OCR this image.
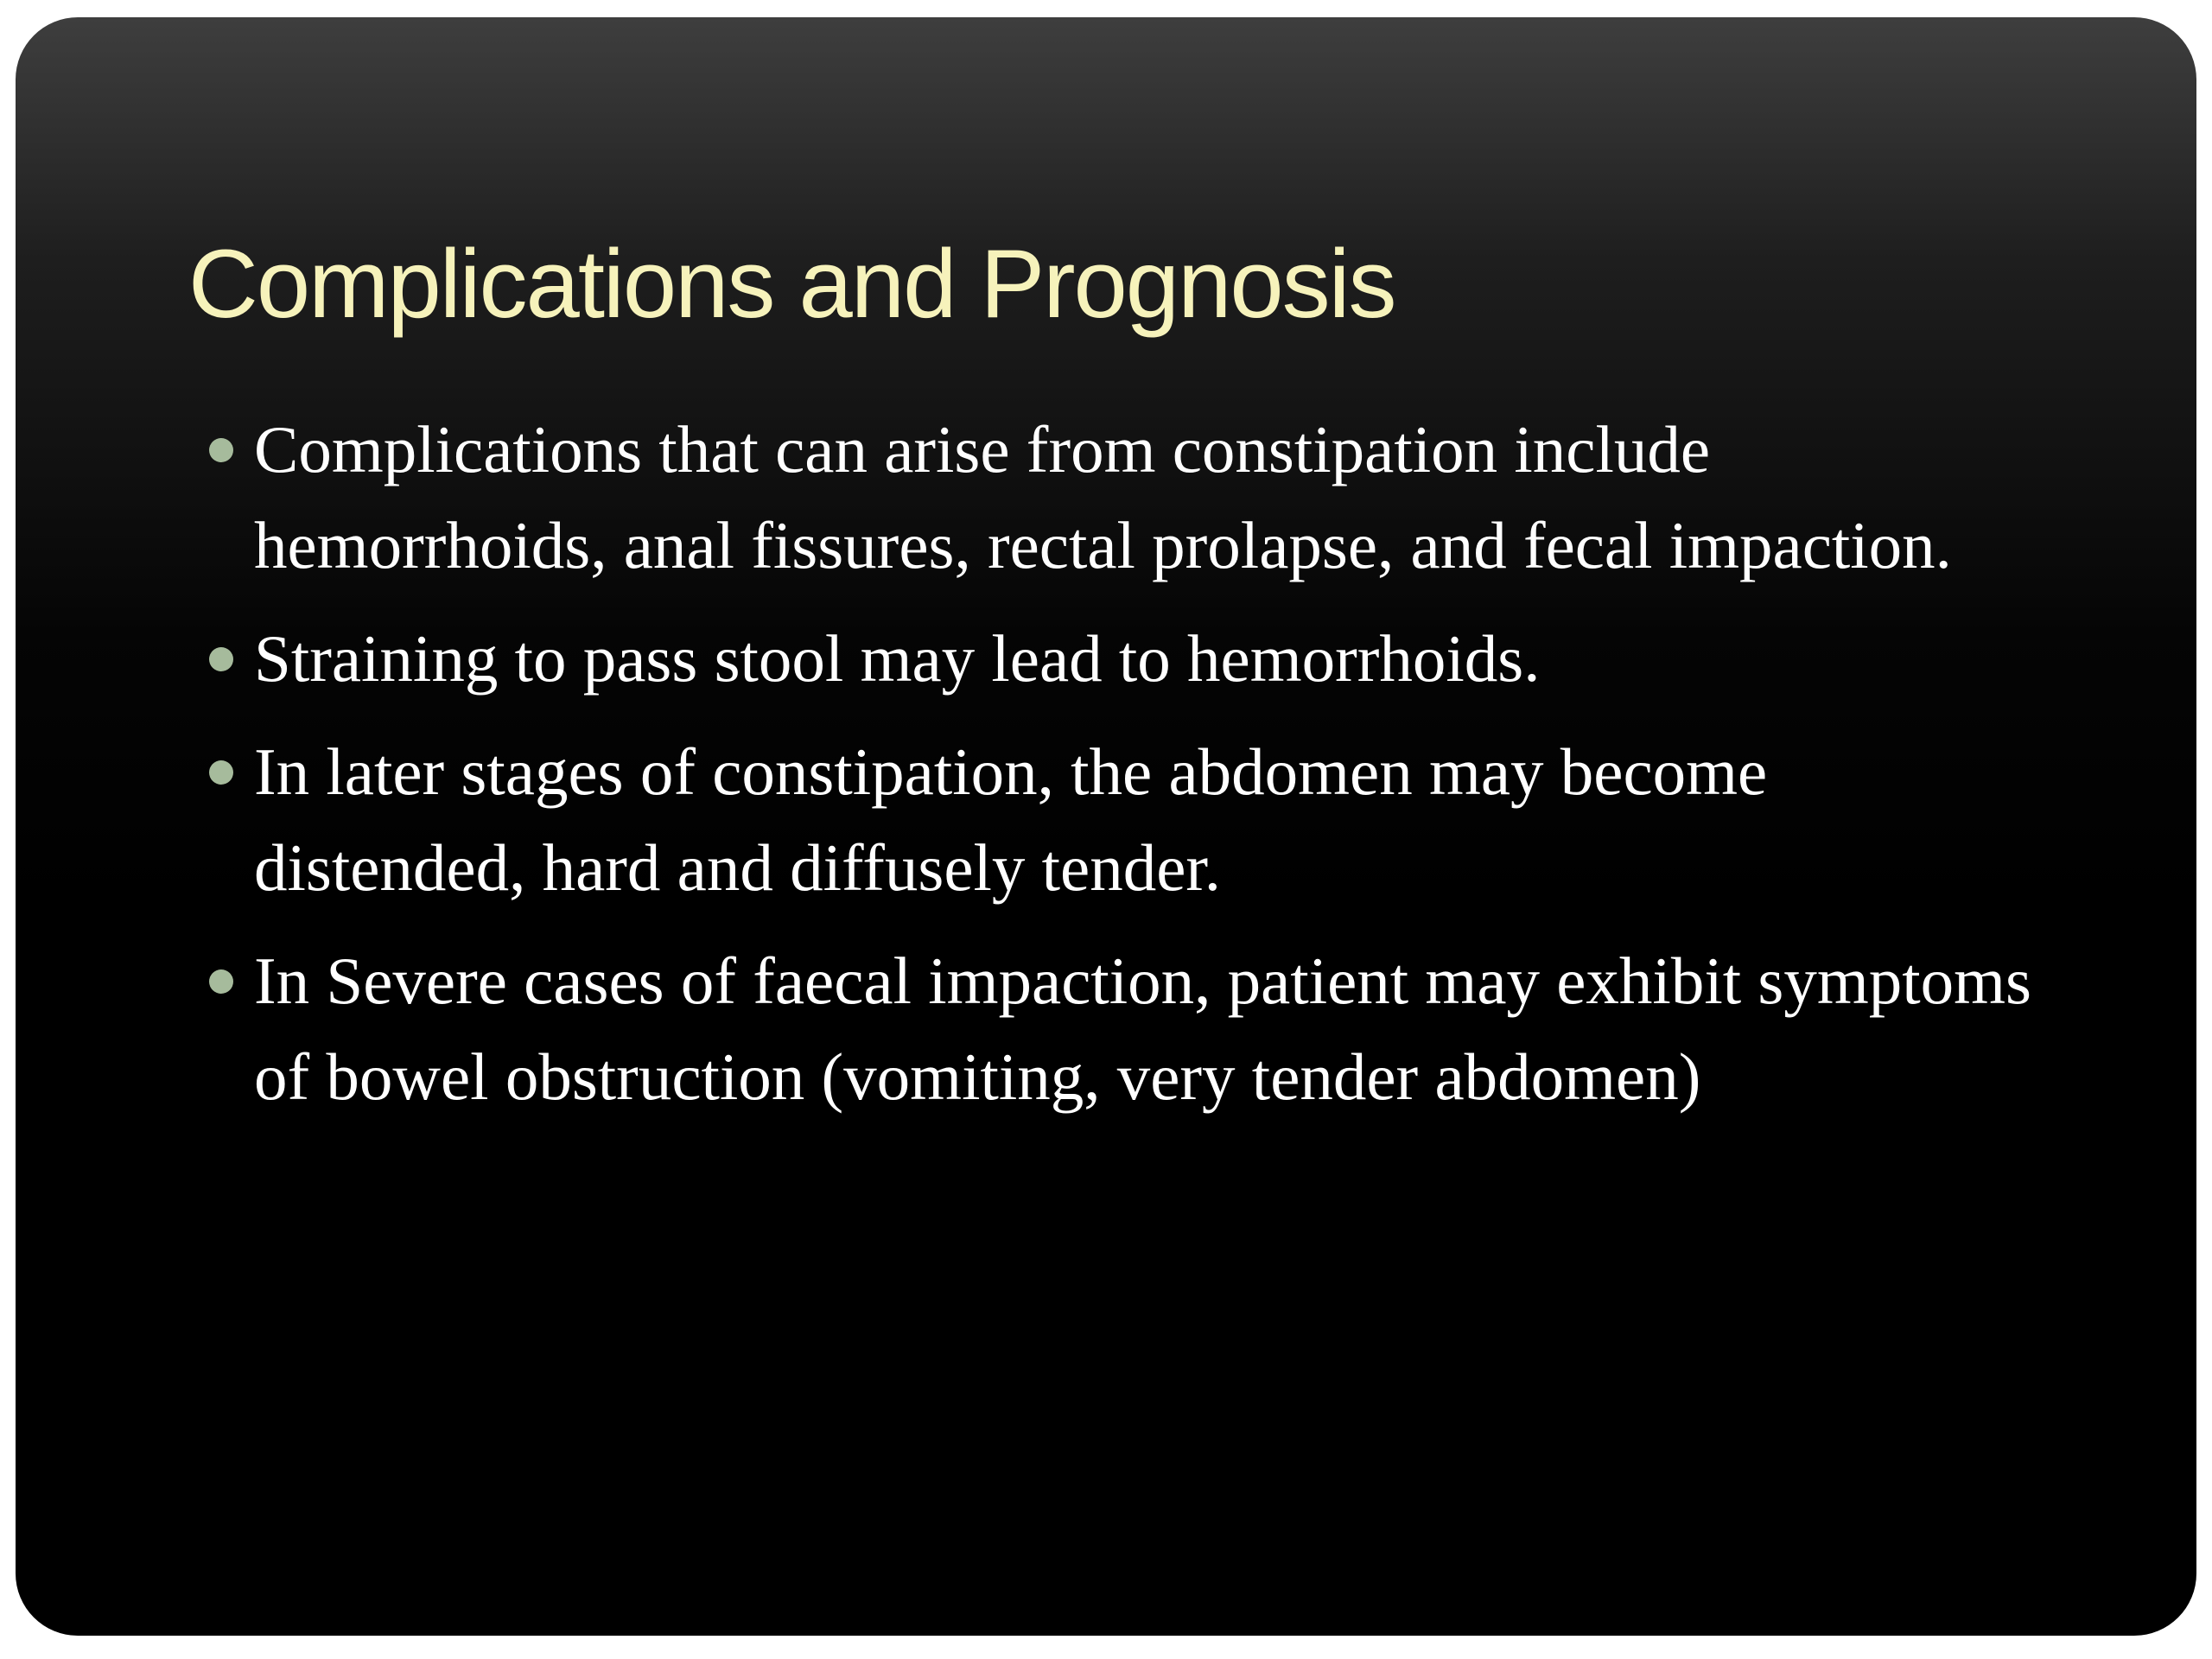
Complications and Prognosis
Complications that can arise from constipation include hemorrhoids, anal fissures, rectal prolapse, and fecal impaction.
Straining to pass stool may lead to hemorrhoids.
In later stages of constipation, the abdomen may become distended, hard and diffusely tender.
In Severe cases of faecal impaction, patient may exhibit symptoms of bowel obstruction (vomiting, very tender abdomen)
